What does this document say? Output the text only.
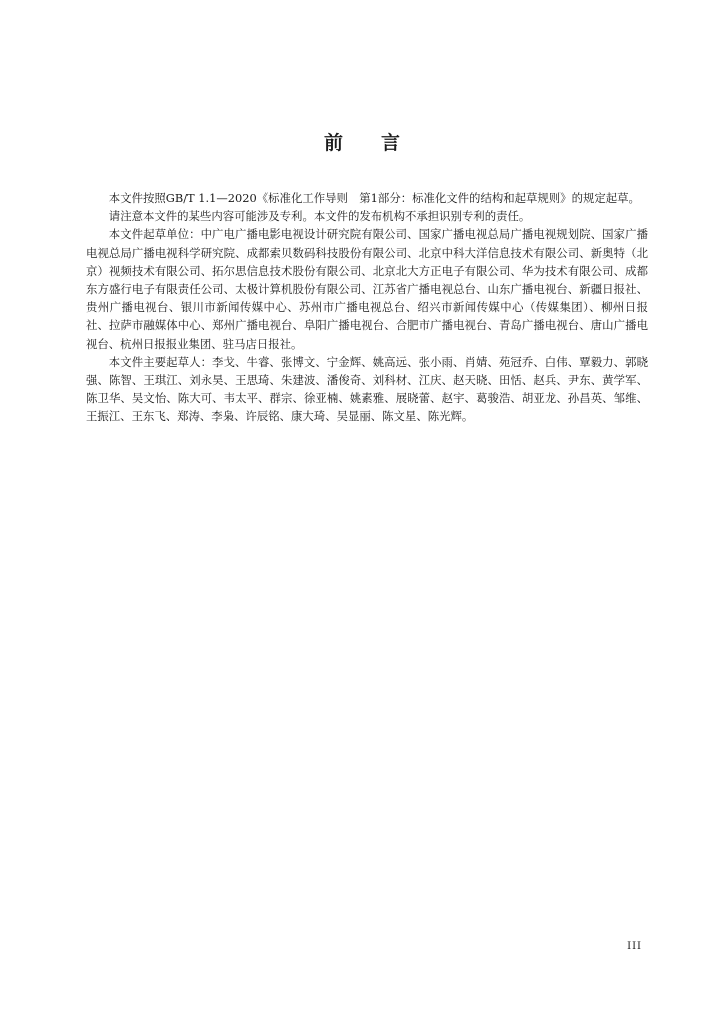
前 言

本文件按照GB/T 1.1—2020《标准化工作导则　第1部分：标准化文件的结构和起草规则》的规定起草。

请注意本文件的某些内容可能涉及专利。本文件的发布机构不承担识别专利的责任。

本文件起草单位：中广电广播电影电视设计研究院有限公司、国家广播电视总局广播电视规划院、国家广播电视总局广播电视科学研究院、成都索贝数码科技股份有限公司、北京中科大洋信息技术有限公司、新奥特（北京）视频技术有限公司、拓尔思信息技术股份有限公司、北京北大方正电子有限公司、华为技术有限公司、成都东方盛行电子有限责任公司、太极计算机股份有限公司、江苏省广播电视总台、山东广播电视台、新疆日报社、贵州广播电视台、银川市新闻传媒中心、苏州市广播电视总台、绍兴市新闻传媒中心（传媒集团）、柳州日报社、拉萨市融媒体中心、郑州广播电视台、阜阳广播电视台、合肥市广播电视台、青岛广播电视台、唐山广播电视台、杭州日报报业集团、驻马店日报社。

本文件主要起草人：李戈、牛睿、张博文、宁金辉、姚高远、张小雨、肖婧、苑冠乔、白伟、覃毅力、郭晓强、陈智、王琪江、刘永昊、王思琦、朱建波、潘俊奇、刘科材、江庆、赵天晓、田恬、赵兵、尹东、黄学军、陈卫华、吴文怡、陈大可、韦太平、群宗、徐亚楠、姚素雅、展晓蕾、赵宇、葛骏浩、胡亚龙、孙昌英、邹维、王振江、王东飞、郑涛、李枭、许辰铭、康大琦、吴显丽、陈文星、陈光辉。

III
